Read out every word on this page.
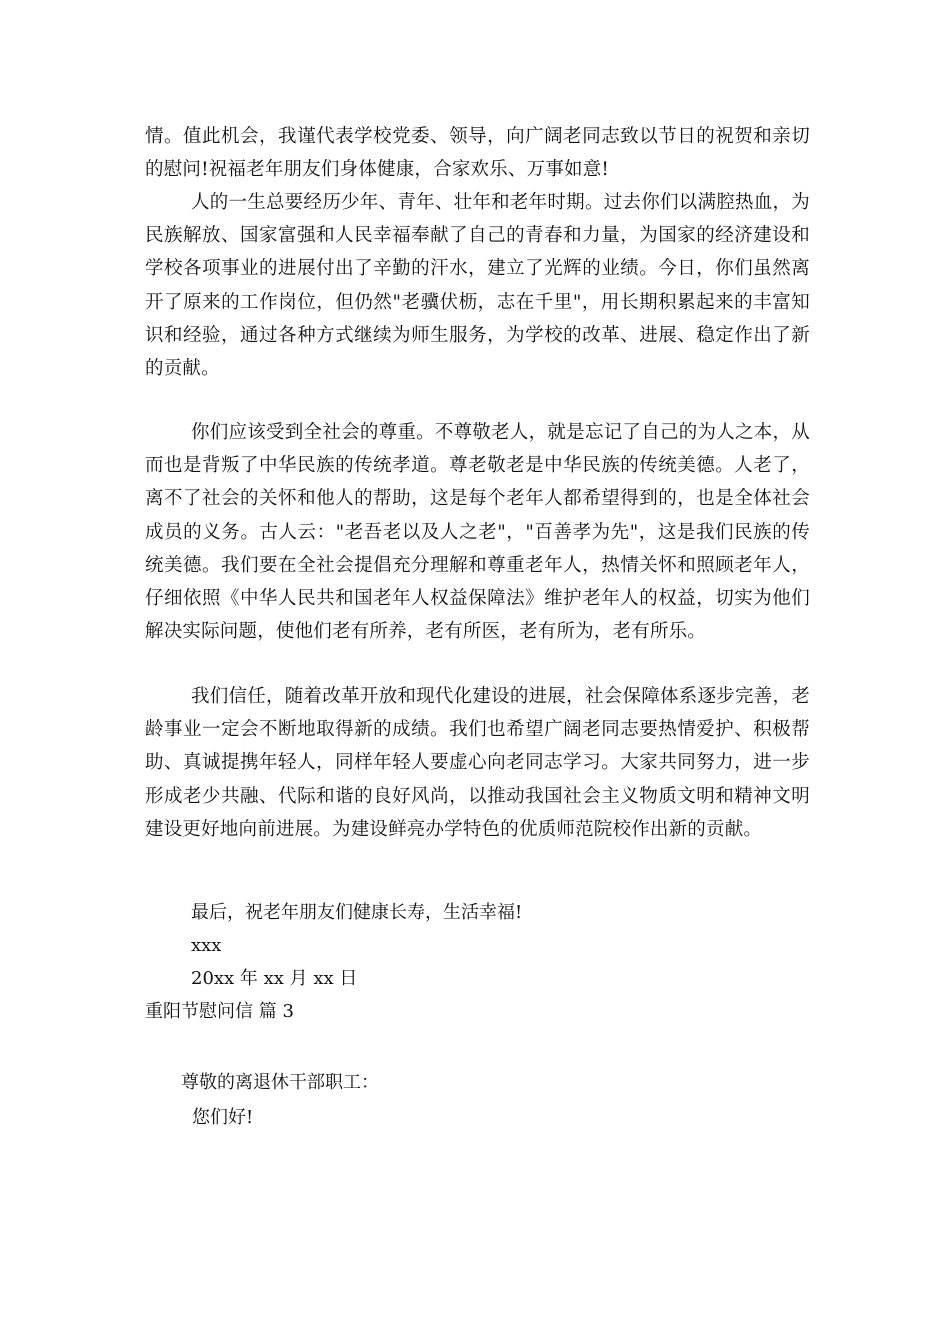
情。值此机会，我谨代表学校党委、领导，向广阔老同志致以节日的祝贺和亲切的慰问!祝福老年朋友们身体健康，合家欢乐、万事如意!

人的一生总要经历少年、青年、壮年和老年时期。过去你们以满腔热血，为民族解放、国家富强和人民幸福奉献了自己的青春和力量，为国家的经济建设和学校各项事业的进展付出了辛勤的汗水，建立了光辉的业绩。今日，你们虽然离开了原来的工作岗位，但仍然"老骥伏枥，志在千里"，用长期积累起来的丰富知识和经验，通过各种方式继续为师生服务，为学校的改革、进展、稳定作出了新的贡献。

你们应该受到全社会的尊重。不尊敬老人，就是忘记了自己的为人之本，从而也是背叛了中华民族的传统孝道。尊老敬老是中华民族的传统美德。人老了，离不了社会的关怀和他人的帮助，这是每个老年人都希望得到的，也是全体社会成员的义务。古人云："老吾老以及人之老"，"百善孝为先"，这是我们民族的传统美德。我们要在全社会提倡充分理解和尊重老年人，热情关怀和照顾老年人，仔细依照《中华人民共和国老年人权益保障法》维护老年人的权益，切实为他们解决实际问题，使他们老有所养，老有所医，老有所为，老有所乐。

我们信任，随着改革开放和现代化建设的进展，社会保障体系逐步完善，老龄事业一定会不断地取得新的成绩。我们也希望广阔老同志要热情爱护、积极帮助、真诚提携年轻人，同样年轻人要虚心向老同志学习。大家共同努力，进一步形成老少共融、代际和谐的良好风尚，以推动我国社会主义物质文明和精神文明建设更好地向前进展。为建设鲜亮办学特色的优质师范院校作出新的贡献。

最后，祝老年朋友们健康长寿，生活幸福!

xxx

20xx 年 xx 月 xx 日

重阳节慰问信 篇 3

尊敬的离退休干部职工：

您们好!
